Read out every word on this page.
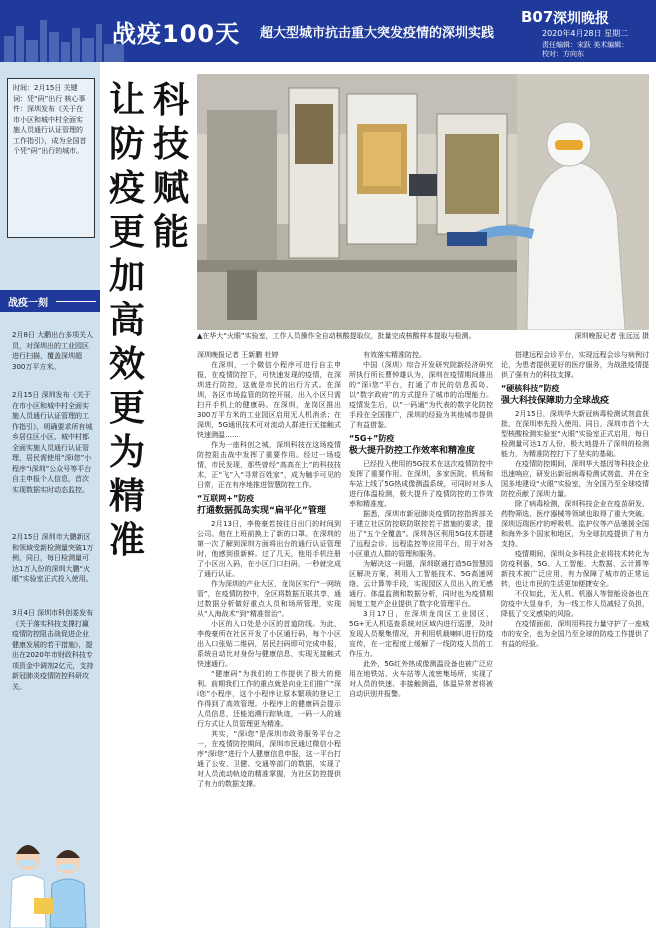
战疫100天 超大型城市抗击重大突发疫情的深圳实践
B07 深圳晚报
2020年4月28日 星期二
责任编辑：宋跃 美术编辑：
校对：方向东
时间：2月15日 关键词：凭“码”出行 核心事件：深圳发布《关于在市小区和城中村全面实施人员通行认证管理的工作指引》，成为全国首个凭“码”出行的城市。
战疫一刻
2月8日 大鹏出台多项关人员，对深圳出的工业园区进行扫描，覆盖深圳超300万平方米。
2月15日 深圳发布《关于在市小区和城中村全面实施人员通行认证管理的工作指引》，明确要求所有城乡居住区小区、城中村都全面实施人员通行认证管理，居民需使用“深i您”小程序“i深圳”公众号等平台自主申报个人信息，首次实现数据实时动态监控。
2月15日 深圳市大鹏新区和领域受新检测量突破1万例，同日，每日检测量可达1万人份的深圳大鹏“火眼”实验室正式投入使用。
3月4日 深圳市科创委发布《关于落实科技支撑打赢疫情防控阻击战促进企业健康发展的若干措施》，提出在2020年市财政科技专项资金中调剂2亿元，支持新冠肺炎疫情防控科研攻关。
科技赋能
让防疫更加高效更为精准
▲在华大“火眼”实验室，工作人员操作全自动核酸提取仪，批量完成核酸样本提取与检测。	深圳晚报记者 张远远 摄

深圳晚报记者 王新鹏 杜婷

在深圳，一个微信小程序可进行自主申报，在疫情防控下，可快速发现的疫情，在深圳进行防控，这就是市民的出行方式。在深圳，各区市场监管的防控开展，出入小区只需扫开手机上的健康码。在深圳，龙岗区推出300万平方米的工业园区启用无人机消杀；在深圳，5G通讯技术可对流动人群进行无接触式快速测温……

作为一座科创之城，深圳科技在这场疫情防控阻击战中发挥了重要作用。经过一场疫情，市民发现，那些曾经“高高在上”的科技技术，正“飞”入“寻常百姓家”，成为触手可见的日常，正在有序地推进智慧防控工作。

“互联网+”防疫
打通数据孤岛实现“扁平化”管理

2月13日，李俊豪若按往日出门的时间到公司。他在上班前换上了新的口罩。在深圳的第一次了解到深圳方面将出台的通行认证管理时，他感到很新鲜。过了几天，他用手机注册了小区出入码，在小区门口扫码，一秒就完成了通行认证。

作为深圳的产业大区，龙岗区实行“一网统管”，在疫情防控中，全区将数据互联共享，通过数据分析做好重点人员和场所管理，实现从“人海战术”到“精准智治”。

小区的入口处是小区的首道防线。为此，李俊豪所在社区开发了小区通行码，每个小区出入口张贴二维码，居民扫码即可完成申报，系统自动比对身份与健康信息，实现无接触式快速通行。

“健康码”为我们的工作提供了极大的便利。前期我们工作的重点就是向业主们推广“深i您”小程序，这个小程序让原本繁琐的登记工作得到了高效管理。小程序上的健康码会提示人员信息，还能追溯行踪轨迹，一码一人的通行方式让人员管理更为精准。

其实，“深i您”是深圳市政务服务平台之一，在疫情防控期间，深圳市民通过微信小程序“深i您”进行个人健康信息申报，这一平台打通了公安、卫健、交通等部门的数据，实现了对人员流动轨迹的精准掌握，为社区防控提供了有力的数据支撑。

有效落实精准防控。

中国（深圳）综合开发研究院新经济研究所执行所长曹钟雄认为，深圳在疫情期间推出的“深i您”平台，打通了市民的信息孤岛，以“数字政府”的方式提升了城市的治理能力。疫情发生后，以“一码通”为代表的数字化防控手段在全国推广，深圳的经验为其他城市提供了有益借鉴。

“5G+”防疫
极大提升防控工作效率和精准度

已经投入使用的5G技术在这次疫情防控中发挥了重要作用。在深圳，多家医院、机场和车站上线了5G热成像测温系统，可同时对多人进行体温检测，极大提升了疫情防控的工作效率和精准度。

据悉，深圳市新冠肺炎疫情防控指挥部关于建立社区防控联防联控若干措施的要求，提出了“五个全覆盖”。深圳各区利用5G技术搭建了远程会诊、远程监控等应用平台，用于对各小区重点人群的管理和服务。

为解决这一问题，深圳联通打造5G智慧园区解决方案，利用人工智能技术、5G高速网络、云计算等手段，实现园区人员出入的无感通行、体温监测和数据分析，同时也为疫情期间复工复产企业提供了数字化管理平台。

3月17日，在深圳龙岗区工业园区，5G+无人机巡查系统对区域内进行巡逻，及时发现人员聚集情况，并利用机载喇叭进行防疫宣传，在一定程度上缓解了一线防疫人员的工作压力。

此外，5G红外热成像测温设备也被广泛应用在地铁站、火车站等人流密集场所，实现了对人员的快速、非接触测温，体温异常者将被自动识别并报警。

搭建远程会诊平台，实现远程会诊与病例讨论，为患者提供更好的医疗服务，为战胜疫情提供了强有力的科技支撑。

“硬核科技”防疫
强大科技保障助力全球战疫

2月15日，深圳华大新冠病毒检测试剂盒获批，在深圳率先投入使用。同日，深圳市首个大型核酸检测实验室“火眼”实验室正式启用，每日检测量可达1万人份，极大地提升了深圳的检测能力，为精准防控打下了坚实的基础。

在疫情防控期间，深圳华大基因等科技企业迅速响应，研发出新冠病毒检测试剂盒，并在全国多地建设“火眼”实验室，为全国乃至全球疫情防控贡献了深圳力量。

除了病毒检测，深圳科技企业在疫苗研发、药物筛选、医疗器械等领域也取得了重大突破。深圳迈瑞医疗的呼吸机、监护仪等产品驰援全国和海外多个国家和地区，为全球抗疫提供了有力支持。

疫情期间，深圳众多科技企业将技术转化为防疫利器，5G、人工智能、大数据、云计算等新技术被广泛应用，有力保障了城市的正常运转，也让市民的生活更加便捷安全。

不仅如此，无人机、机器人等智能设备也在防疫中大显身手，为一线工作人员减轻了负担，降低了交叉感染的风险。

在疫情面前，深圳用科技力量守护了一座城市的安全，也为全国乃至全球的防疫工作提供了有益的经验。
